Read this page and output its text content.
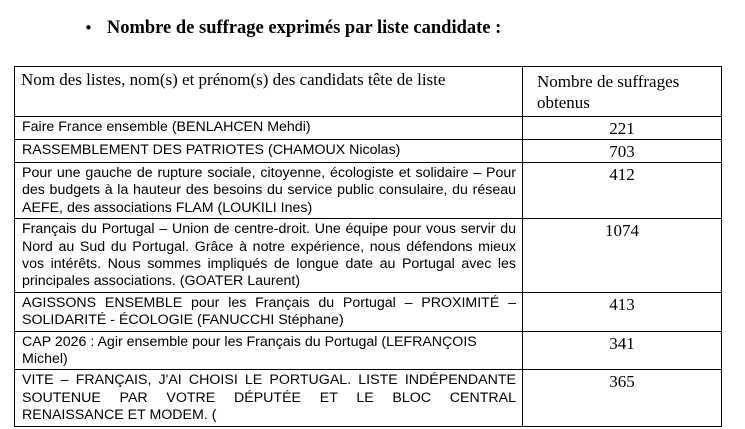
• Nombre de suffrage exprimés par liste candidate :
Nom des listes, nom(s) et prénom(s) des candidats tête de liste	Nombre de suffrages obtenus
Faire France ensemble (BENLAHCEN Mehdi)	221
RASSEMBLEMENT DES PATRIOTES (CHAMOUX Nicolas)	703
Pour une gauche de rupture sociale, citoyenne, écologiste et solidaire – Pour des budgets à la hauteur des besoins du service public consulaire, du réseau AEFE, des associations FLAM (LOUKILI Ines)	412
Français du Portugal – Union de centre-droit. Une équipe pour vous servir du Nord au Sud du Portugal. Grâce à notre expérience, nous défendons mieux vos intérêts. Nous sommes impliqués de longue date au Portugal avec les principales associations. (GOATER Laurent)	1074
AGISSONS ENSEMBLE pour les Français du Portugal – PROXIMITÉ – SOLIDARITÉ - ÉCOLOGIE (FANUCCHI Stéphane)	413
CAP 2026 : Agir ensemble pour les Français du Portugal (LEFRANÇOIS Michel)	341
VITE – FRANÇAIS, J'AI CHOISI LE PORTUGAL. LISTE INDÉPENDANTE SOUTENUE PAR VOTRE DÉPUTÉE ET LE BLOC CENTRAL RENAISSANCE ET MODEM. (	365
